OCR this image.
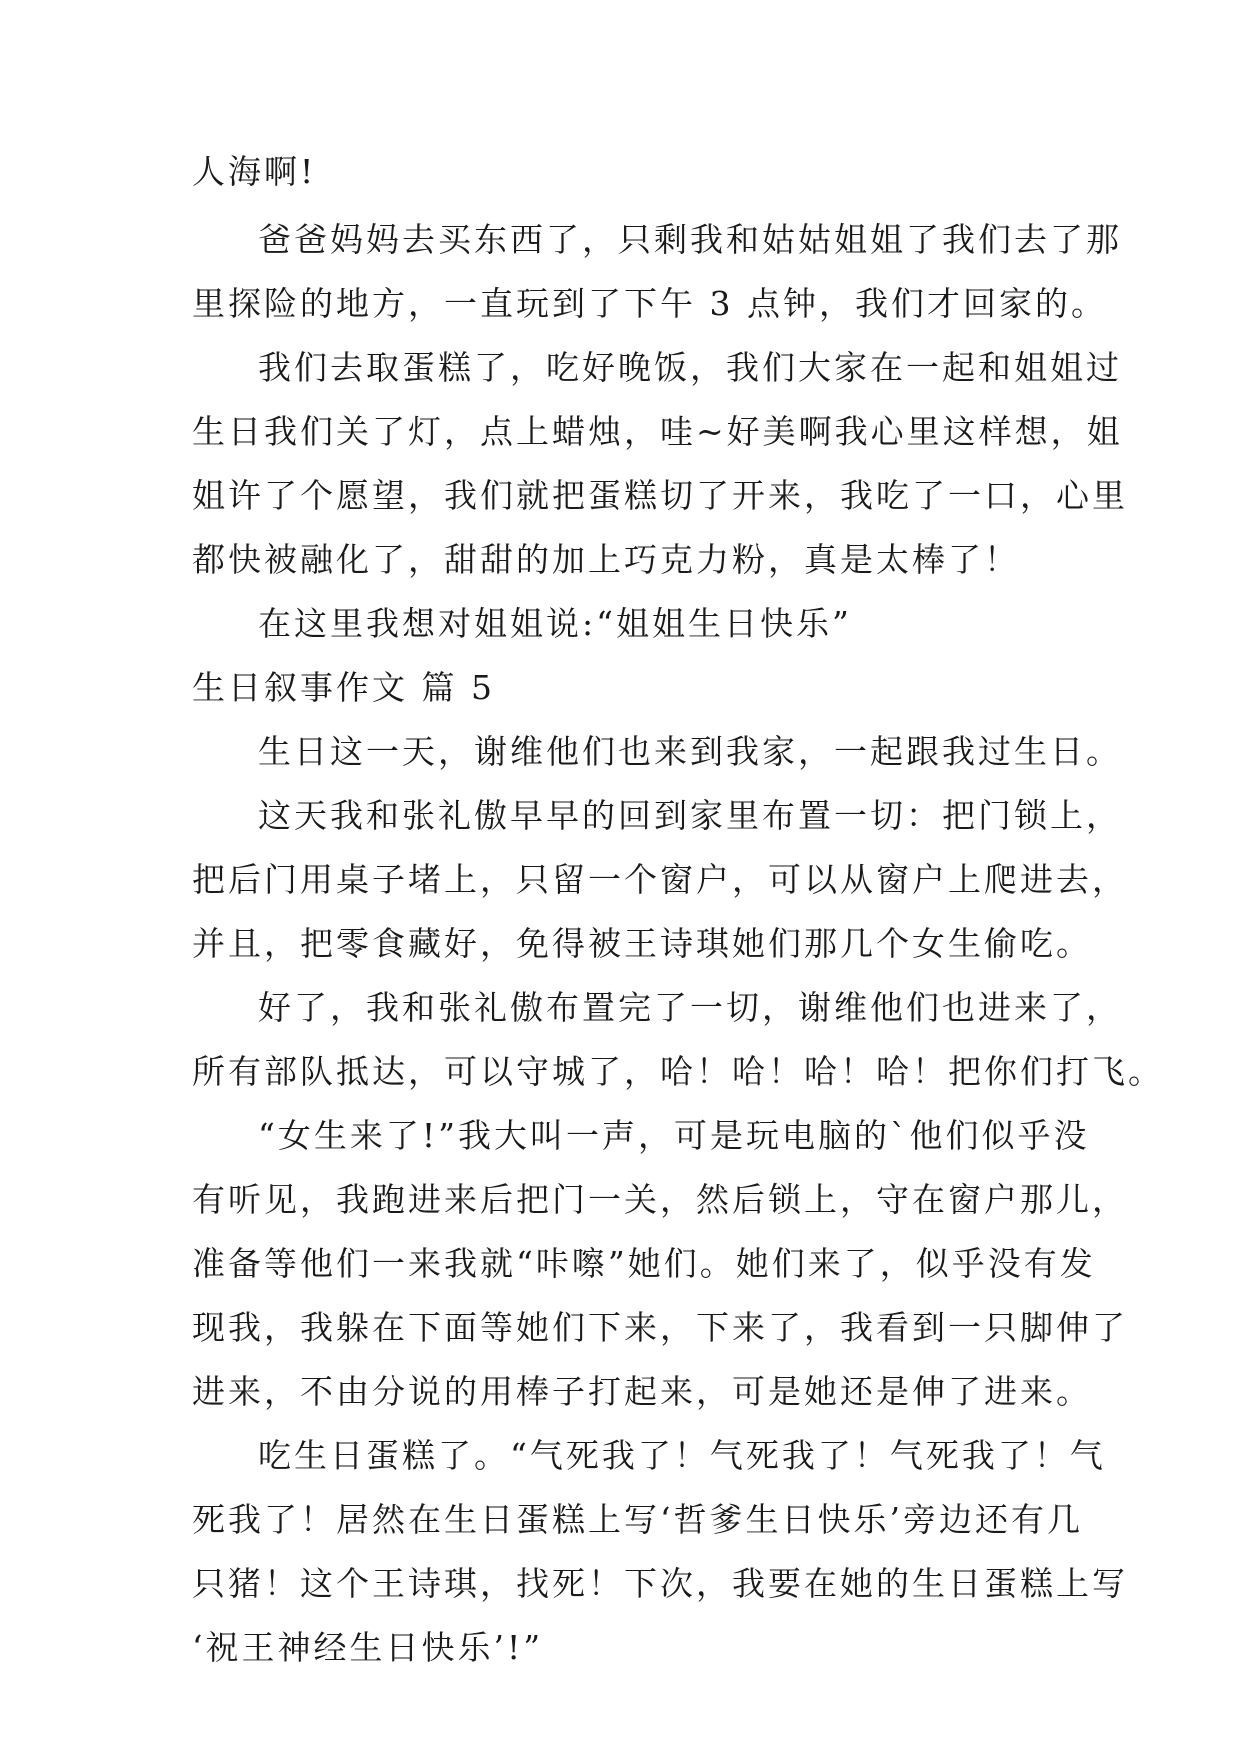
人海啊!
爸爸妈妈去买东西了，只剩我和姑姑姐姐了我们去了那
里探险的地方，一直玩到了下午 3 点钟，我们才回家的。
我们去取蛋糕了，吃好晚饭，我们大家在一起和姐姐过
生日我们关了灯，点上蜡烛，哇~好美啊我心里这样想，姐
姐许了个愿望，我们就把蛋糕切了开来，我吃了一口，心里
都快被融化了，甜甜的加上巧克力粉，真是太棒了！
在这里我想对姐姐说:“姐姐生日快乐”
生日叙事作文 篇 5
生日这一天，谢维他们也来到我家，一起跟我过生日。
这天我和张礼傲早早的回到家里布置一切：把门锁上，
把后门用桌子堵上，只留一个窗户，可以从窗户上爬进去，
并且，把零食藏好，免得被王诗琪她们那几个女生偷吃。
好了，我和张礼傲布置完了一切，谢维他们也进来了，
所有部队抵达，可以守城了，哈！哈！哈！哈！把你们打飞。
“女生来了!”我大叫一声，可是玩电脑的`他们似乎没
有听见，我跑进来后把门一关，然后锁上，守在窗户那儿，
准备等他们一来我就“咔嚓”她们。她们来了，似乎没有发
现我，我躲在下面等她们下来，下来了，我看到一只脚伸了
进来，不由分说的用棒子打起来，可是她还是伸了进来。
吃生日蛋糕了。“气死我了！气死我了！气死我了！气
死我了！居然在生日蛋糕上写‘哲爹生日快乐’旁边还有几
只猪！这个王诗琪，找死！下次，我要在她的生日蛋糕上写
‘祝王神经生日快乐’!”
